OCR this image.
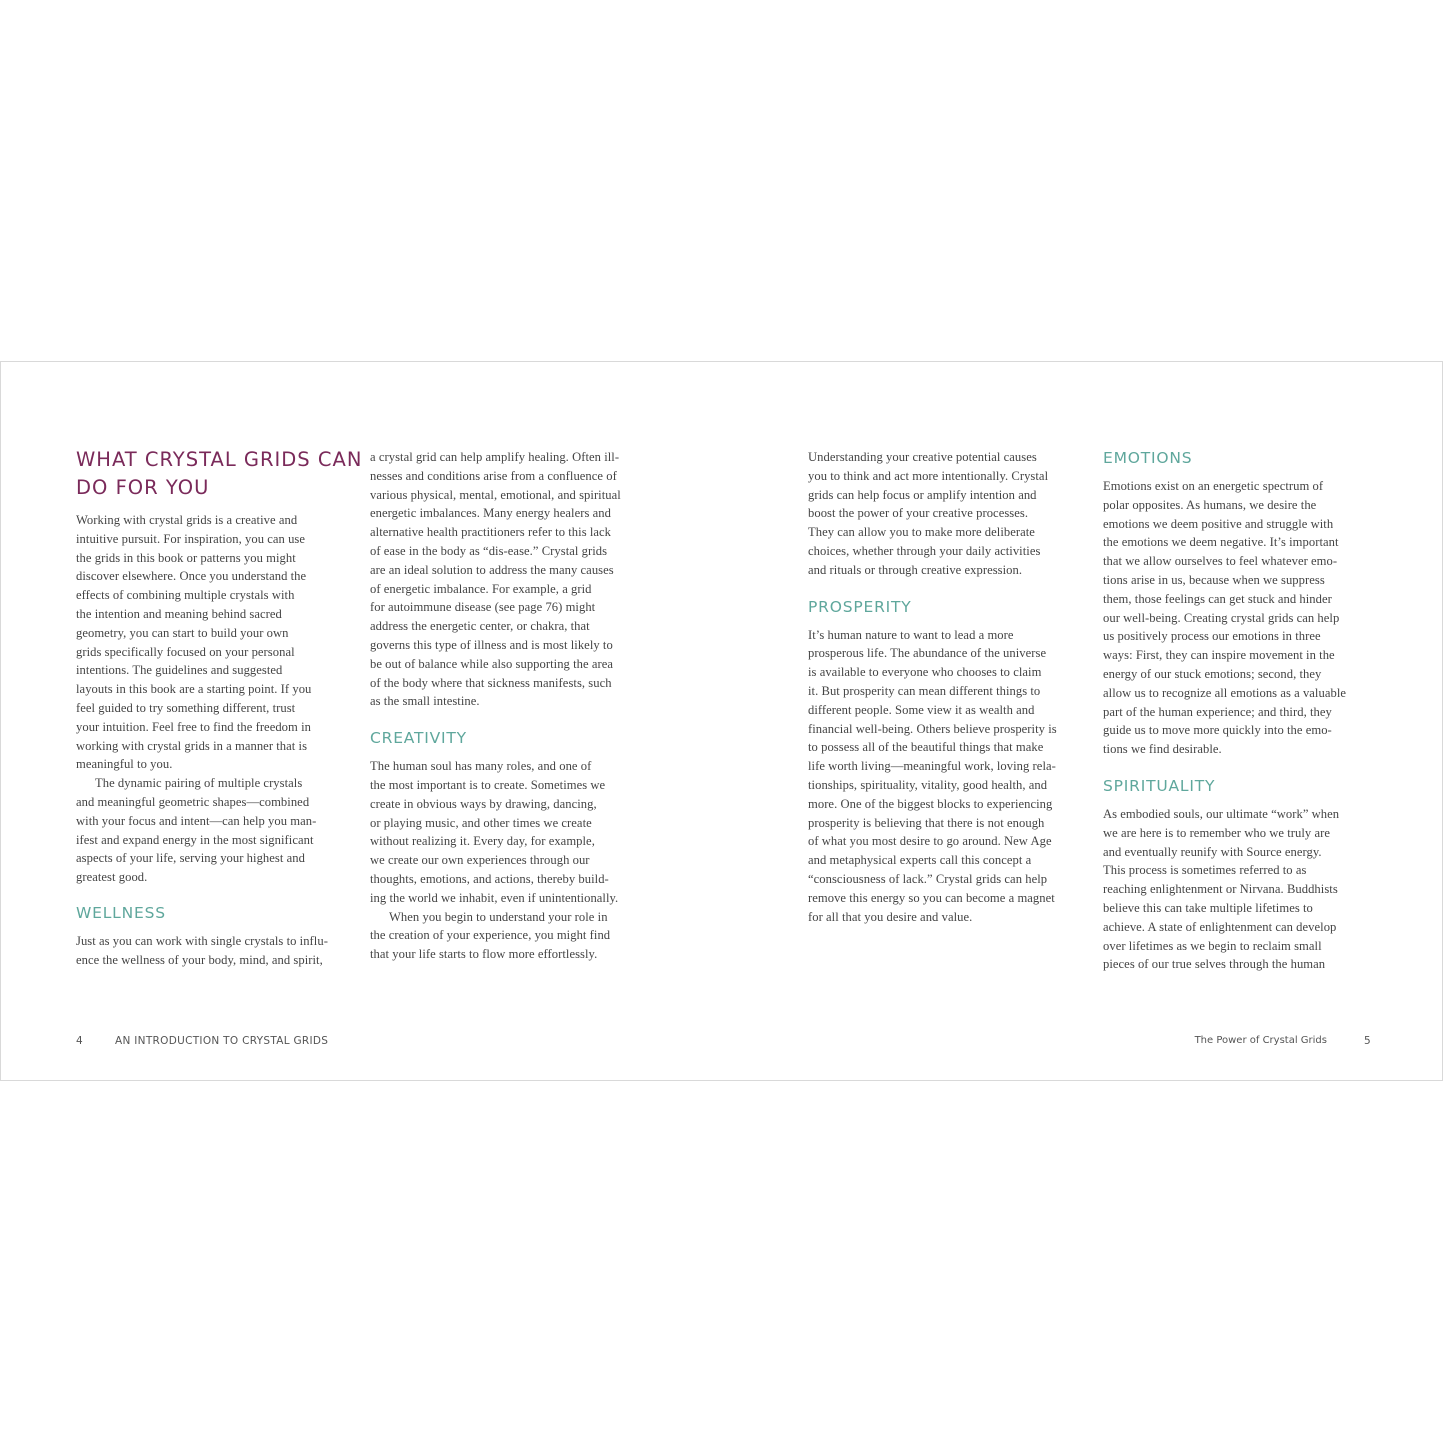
WHAT CRYSTAL GRIDS CAN
DO FOR YOU

Working with crystal grids is a creative and
intuitive pursuit. For inspiration, you can use
the grids in this book or patterns you might
discover elsewhere. Once you understand the
effects of combining multiple crystals with
the intention and meaning behind sacred
geometry, you can start to build your own
grids specifically focused on your personal
intentions. The guidelines and suggested
layouts in this book are a starting point. If you
feel guided to try something different, trust
your intuition. Feel free to find the freedom in
working with crystal grids in a manner that is
meaningful to you.

The dynamic pairing of multiple crystals
and meaningful geometric shapes—combined
with your focus and intent—can help you man-
ifest and expand energy in the most significant
aspects of your life, serving your highest and
greatest good.

WELLNESS

Just as you can work with single crystals to influ-
ence the wellness of your body, mind, and spirit,

a crystal grid can help amplify healing. Often ill-
nesses and conditions arise from a confluence of
various physical, mental, emotional, and spiritual
energetic imbalances. Many energy healers and
alternative health practitioners refer to this lack
of ease in the body as “dis-ease.” Crystal grids
are an ideal solution to address the many causes
of energetic imbalance. For example, a grid
for autoimmune disease (see page 76) might
address the energetic center, or chakra, that
governs this type of illness and is most likely to
be out of balance while also supporting the area
of the body where that sickness manifests, such
as the small intestine.

CREATIVITY

The human soul has many roles, and one of
the most important is to create. Sometimes we
create in obvious ways by drawing, dancing,
or playing music, and other times we create
without realizing it. Every day, for example,
we create our own experiences through our
thoughts, emotions, and actions, thereby build-
ing the world we inhabit, even if unintentionally.

When you begin to understand your role in
the creation of your experience, you might find
that your life starts to flow more effortlessly.

Understanding your creative potential causes
you to think and act more intentionally. Crystal
grids can help focus or amplify intention and
boost the power of your creative processes.
They can allow you to make more deliberate
choices, whether through your daily activities
and rituals or through creative expression.

PROSPERITY

It’s human nature to want to lead a more
prosperous life. The abundance of the universe
is available to everyone who chooses to claim
it. But prosperity can mean different things to
different people. Some view it as wealth and
financial well-being. Others believe prosperity is
to possess all of the beautiful things that make
life worth living—meaningful work, loving rela-
tionships, spirituality, vitality, good health, and
more. One of the biggest blocks to experiencing
prosperity is believing that there is not enough
of what you most desire to go around. New Age
and metaphysical experts call this concept a
“consciousness of lack.” Crystal grids can help
remove this energy so you can become a magnet
for all that you desire and value.

EMOTIONS

Emotions exist on an energetic spectrum of
polar opposites. As humans, we desire the
emotions we deem positive and struggle with
the emotions we deem negative. It’s important
that we allow ourselves to feel whatever emo-
tions arise in us, because when we suppress
them, those feelings can get stuck and hinder
our well-being. Creating crystal grids can help
us positively process our emotions in three
ways: First, they can inspire movement in the
energy of our stuck emotions; second, they
allow us to recognize all emotions as a valuable
part of the human experience; and third, they
guide us to move more quickly into the emo-
tions we find desirable.

SPIRITUALITY

As embodied souls, our ultimate “work” when
we are here is to remember who we truly are
and eventually reunify with Source energy.
This process is sometimes referred to as
reaching enlightenment or Nirvana. Buddhists
believe this can take multiple lifetimes to
achieve. A state of enlightenment can develop
over lifetimes as we begin to reclaim small
pieces of our true selves through the human

4	AN INTRODUCTION TO CRYSTAL GRIDS	The Power of Crystal Grids	5
